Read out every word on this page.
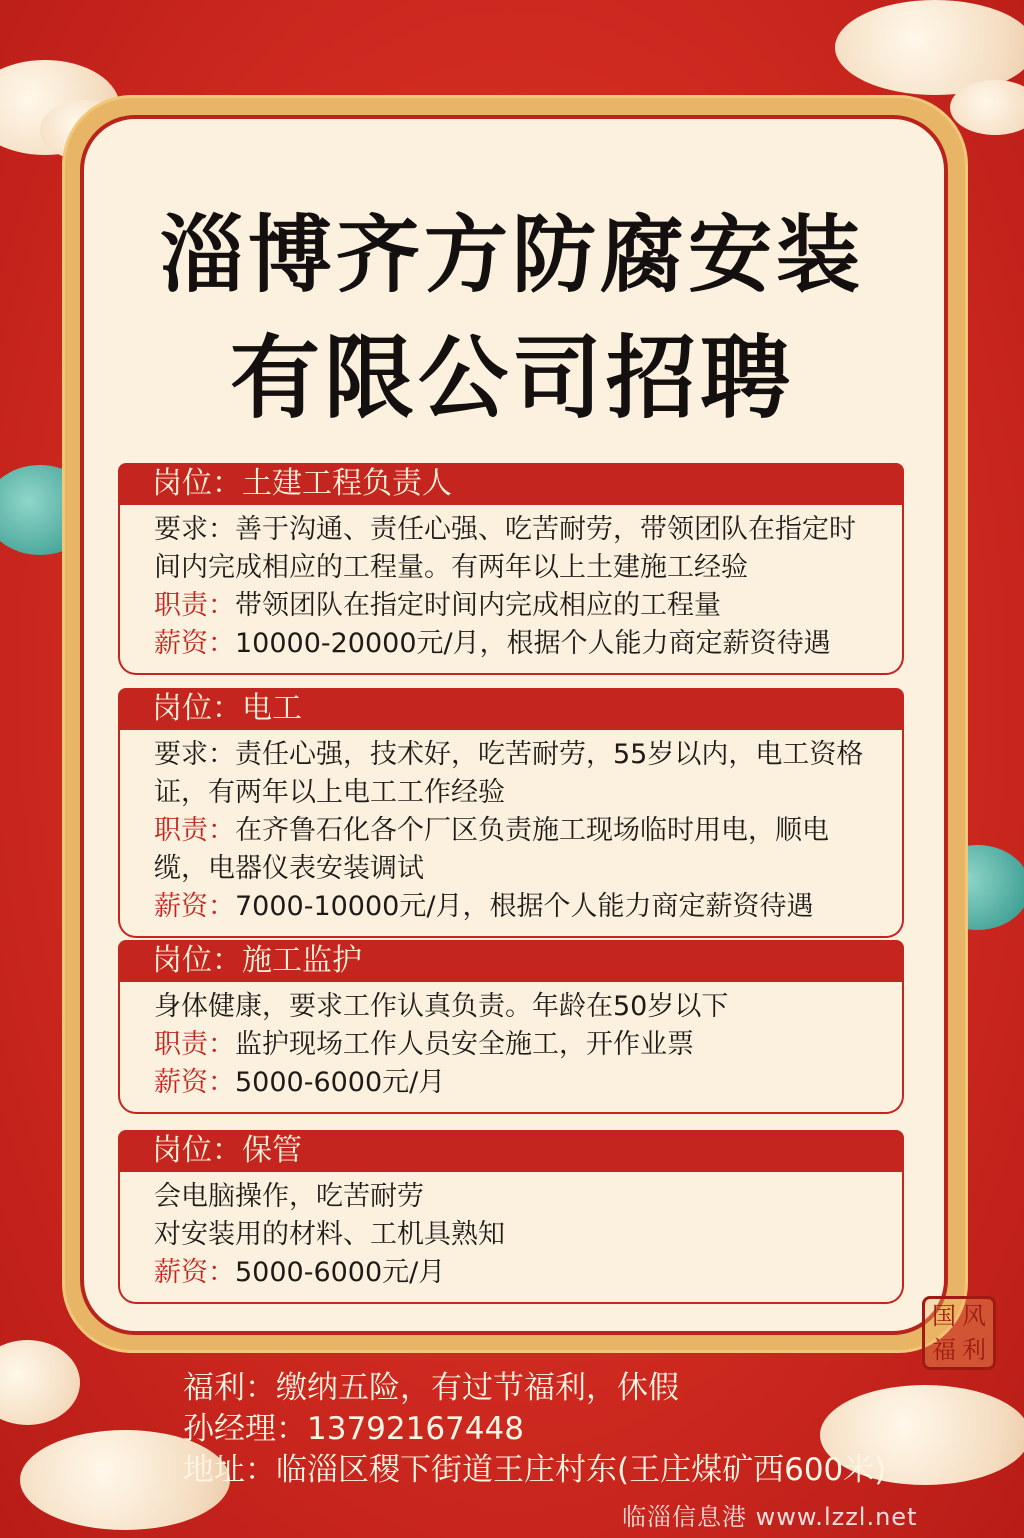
淄博齐方防腐安装
有限公司招聘
岗位：土建工程负责人

要求：善于沟通、责任心强、吃苦耐劳，带领团队在指定时间内完成相应的工程量。有两年以上土建施工经验

职责：带领团队在指定时间内完成相应的工程量

薪资：10000-20000元/月，根据个人能力商定薪资待遇

岗位：电工

要求：责任心强，技术好，吃苦耐劳，55岁以内，电工资格证，有两年以上电工工作经验

职责：在齐鲁石化各个厂区负责施工现场临时用电，顺电缆，电器仪表安装调试

薪资：7000-10000元/月，根据个人能力商定薪资待遇

岗位：施工监护

身体健康，要求工作认真负责。年龄在50岁以下

职责：监护现场工作人员安全施工，开作业票

薪资：5000-6000元/月

岗位：保管

会电脑操作，吃苦耐劳

对安装用的材料、工机具熟知

薪资：5000-6000元/月

国 风
福 利

福利：缴纳五险，有过节福利，休假

孙经理：13792167448

地址：临淄区稷下街道王庄村东(王庄煤矿西600米)

临淄信息港 www.lzzl.net
